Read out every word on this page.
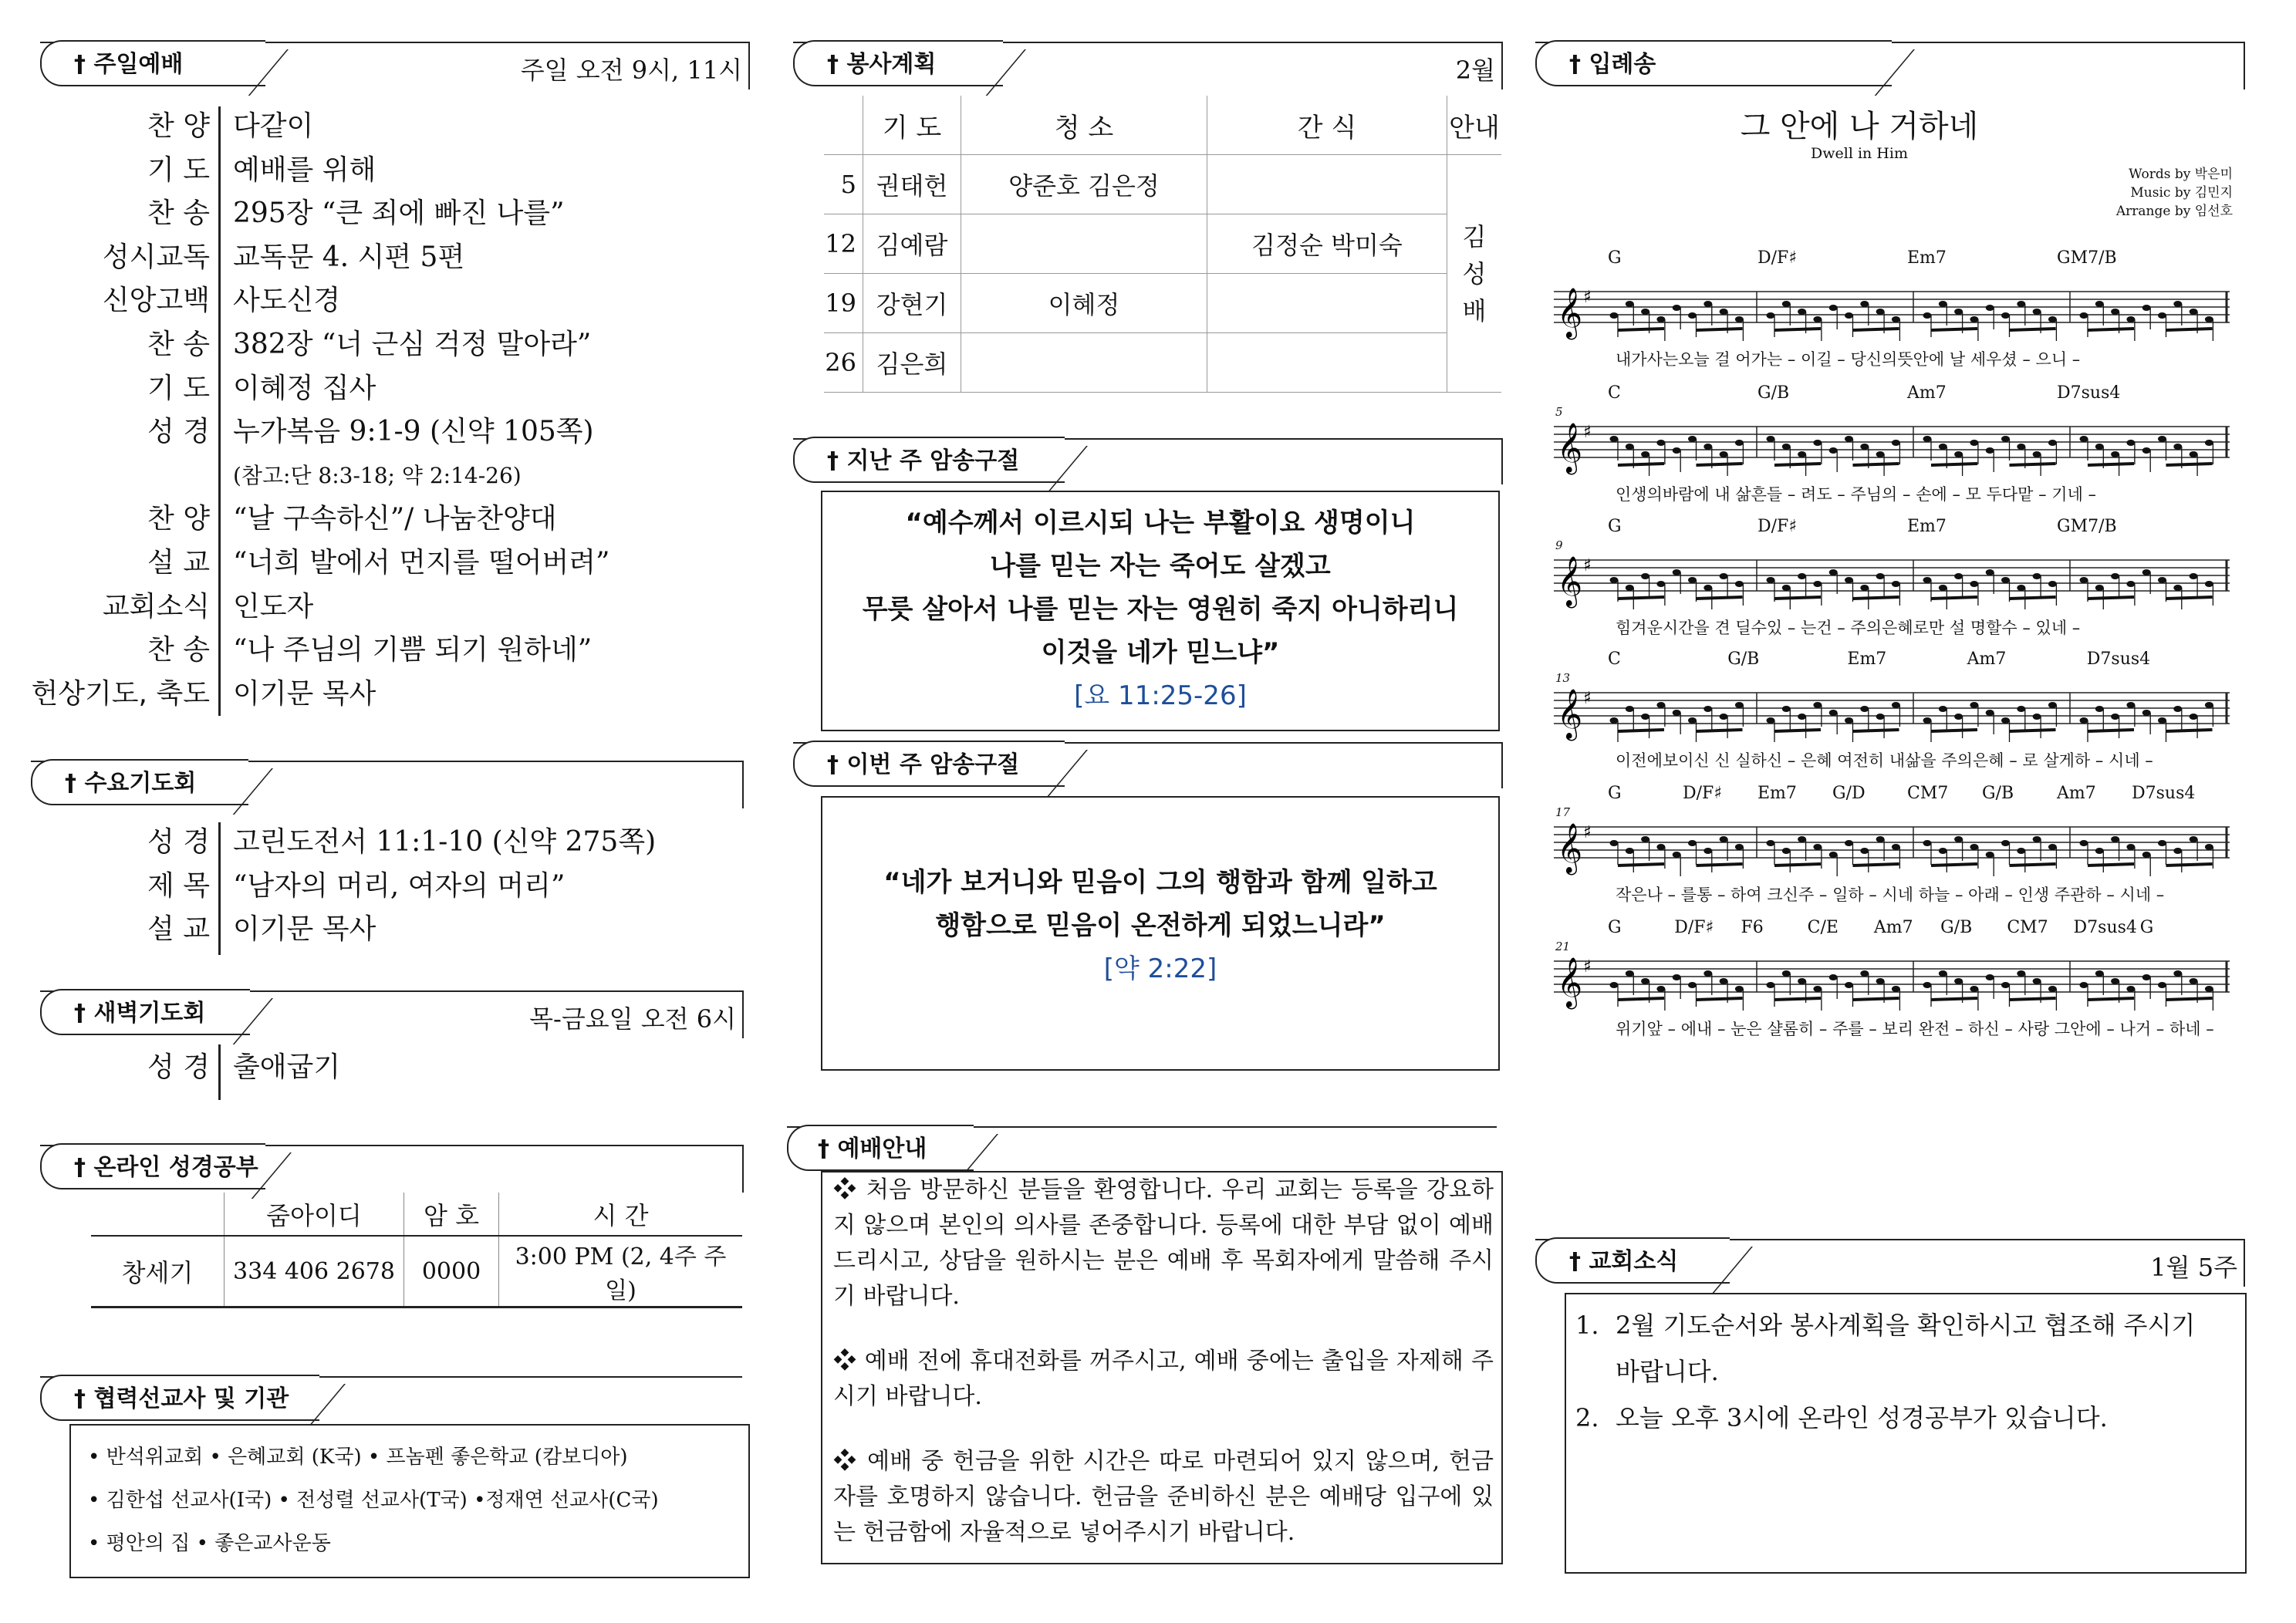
† 주일예배	주일 오전 9시, 11시
찬 양 다같이
기 도 예배를 위해
찬 송 295장 “큰 죄에 빠진 나를”
성시교독 교독문 4. 시편 5편
신앙고백 사도신경
찬 송 382장 “너 근심 걱정 말아라”
기 도 이혜정 집사
성 경 누가복음 9:1-9 (신약 105쪽)
(참고:단 8:3-18; 약 2:14-26)
찬 양 “날 구속하신”/ 나눔찬양대
설 교 “너희 발에서 먼지를 떨어버려”
교회소식 인도자
찬 송 “나 주님의 기쁨 되기 원하네”
헌상기도, 축도 이기문 목사
† 수요기도회
성 경 고린도전서 11:1-10 (신약 275쪽)
제 목 “남자의 머리, 여자의 머리”
설 교 이기문 목사
† 새벽기도회	목-금요일 오전 6시
성 경 출애굽기
† 온라인 성경공부
	줌아이디	암 호	시 간
창세기	334 406 2678	0000	3:00 PM (2, 4주 주일)
† 협력선교사 및 기관
• 반석위교회 • 은혜교회 (K국) • 프놈펜 좋은학교 (캄보디아)
• 김한섭 선교사(I국) • 전성렬 선교사(T국) •정재연 선교사(C국)
• 평안의 집 • 좋은교사운동
† 봉사계획	2월
	기 도	청 소	간 식	안내
5	권태헌	양준호 김은정		김
성
배

12	김예람		김정순 박미숙	
19	강현기	이혜정		
26	김은희			
† 지난 주 암송구절
“예수께서 이르시되 나는 부활이요 생명이니
나를 믿는 자는 죽어도 살겠고
무릇 살아서 나를 믿는 자는 영원히 죽지 아니하리니
이것을 네가 믿느냐”
[요 11:25-26]
† 이번 주 암송구절
“네가 보거니와 믿음이 그의 행함과 함께 일하고
행함으로 믿음이 온전하게 되었느니라”
[약 2:22]
† 예배안내

❖ 처음 방문하신 분들을 환영합니다. 우리 교회는 등록을 강요하지 않으며 본인의 의사를 존중합니다. 등록에 대한 부담 없이 예배드리시고, 상담을 원하시는 분은 예배 후 목회자에게 말씀해 주시기 바랍니다.

❖ 예배 전에 휴대전화를 꺼주시고, 예배 중에는 출입을 자제해 주시기 바랍니다.

❖ 예배 중 헌금을 위한 시간은 따로 마련되어 있지 않으며, 헌금자를 호명하지 않습니다. 헌금을 준비하신 분은 예배당 입구에 있는 헌금함에 자율적으로 넣어주시기 바랍니다.

† 입례송
그 안에 나 거하네
Dwell in Him
Words by 박은미
Music by 김민지
Arrange by 임선호
G	D/F♯	Em7	GM7/B
𝄞 ♯
내가사는오늘 걸 어가는 – 이길 – 당신의뜻안에 날 세우셨 – 으니 –
C	G/B	Am7	D7sus4
5
𝄞 ♯
인생의바람에 내 삶흔들 – 려도 – 주님의 – 손에 – 모 두다맡 – 기네 –
G	D/F♯	Em7	GM7/B
9
𝄞 ♯
힘겨운시간을 견 딜수있 – 는건 – 주의은혜로만 설 명할수 – 있네 –
C	G/B	Em7	Am7	D7sus4
13
𝄞 ♯
이전에보이신 신 실하신 – 은혜 여전히 내삶을 주의은혜 – 로 살게하 – 시네 –
G	D/F♯ Em7 G/D CM7 G/B	Am7 D7sus4
17
𝄞 ♯
작은나 – 를통 – 하여 크신주 – 일하 – 시네 하늘 – 아래 – 인생 주관하 – 시네 –
G	D/F♯ F6	C/E Am7 G/B CM7 D7sus4 G
21
𝄞 ♯
위기앞 – 에내 – 눈은 샬롬히 – 주를 – 보리 완전 – 하신 – 사랑 그안에 – 나거 – 하네 –
† 교회소식	1월 5주
1. 2월 기도순서와 봉사계획을 확인하시고 협조해 주시기 바랍니다.
2. 오늘 오후 3시에 온라인 성경공부가 있습니다.
